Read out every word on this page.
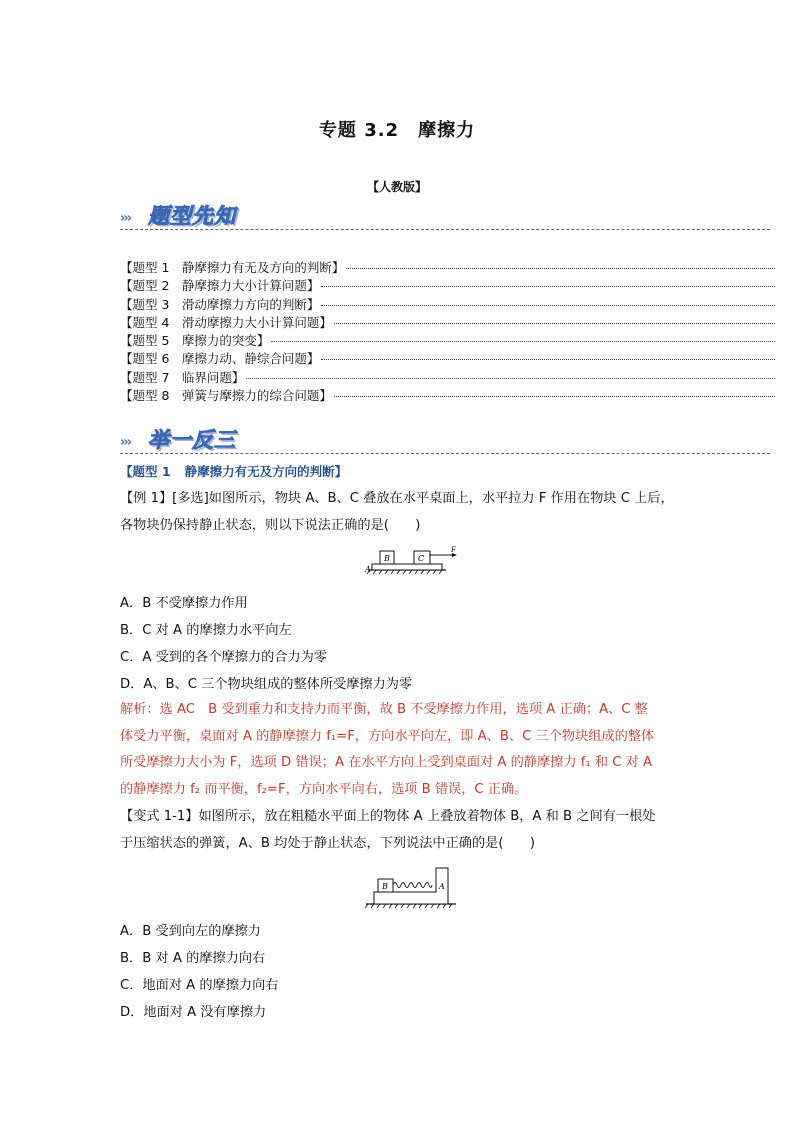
专题 3.2　摩擦力
【人教版】
››› 题型先知
【题型 1　静摩擦力有无及方向的判断】
【题型 2　静摩擦力大小计算问题】
【题型 3　滑动摩擦力方向的判断】
【题型 4　滑动摩擦力大小计算问题】
【题型 5　摩擦力的突变】
【题型 6　摩擦力动、静综合问题】
【题型 7　临界问题】
【题型 8　弹簧与摩擦力的综合问题】
››› 举一反三
【题型 1 静摩擦力有无及方向的判断】
【例 1】[多选]如图所示，物块 A、B、C 叠放在水平桌面上，水平拉力 F 作用在物块 C 上后，
各物块仍保持静止状态，则以下说法正确的是(　　)
A
B	C
F
A．B 不受摩擦力作用
B．C 对 A 的摩擦力水平向左
C．A 受到的各个摩擦力的合力为零
D．A、B、C 三个物块组成的整体所受摩擦力为零
解析：选 AC　B 受到重力和支持力而平衡，故 B 不受摩擦力作用，选项 A 正确；A、C 整
体受力平衡，桌面对 A 的静摩擦力 f₁=F，方向水平向左，即 A、B、C 三个物块组成的整体
所受摩擦力大小为 F，选项 D 错误；A 在水平方向上受到桌面对 A 的静摩擦力 f₁ 和 C 对 A
的静摩擦力 f₂ 而平衡，f₂=F，方向水平向右，选项 B 错误，C 正确。
【变式 1-1】如图所示，放在粗糙水平面上的物体 A 上叠放着物体 B，A 和 B 之间有一根处
于压缩状态的弹簧，A、B 均处于静止状态，下列说法中正确的是(　　)
B	A
A．B 受到向左的摩擦力
B．B 对 A 的摩擦力向右
C．地面对 A 的摩擦力向右
D．地面对 A 没有摩擦力
